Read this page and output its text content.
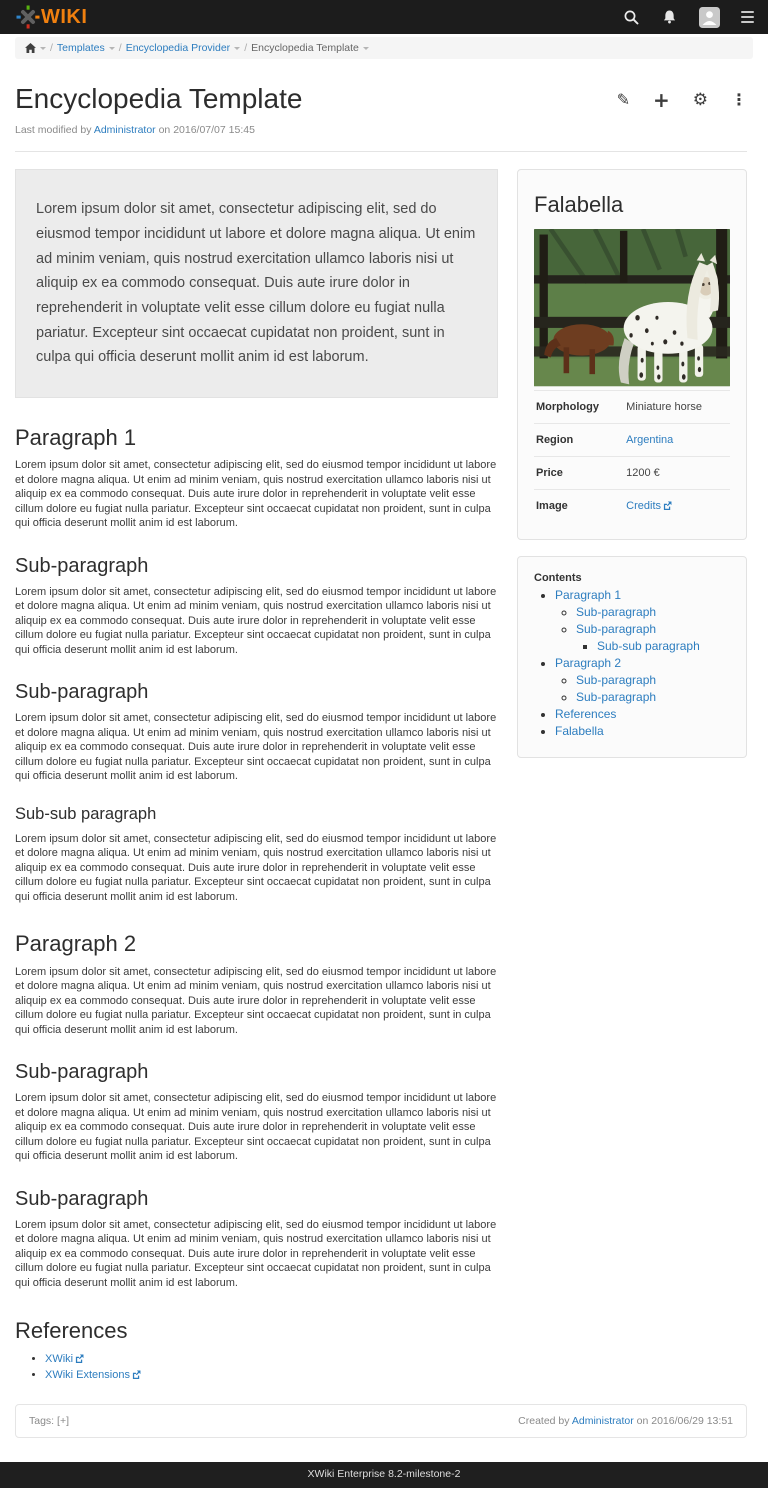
WIKI
/ Templates / Encyclopedia Provider / Encyclopedia Template
Encyclopedia Template	✎ + ⚙ ⋮

Last modified by Administrator on 2016/07/07 15:45

Lorem ipsum dolor sit amet, consectetur adipiscing elit, sed do eiusmod tempor incididunt ut labore et dolore magna aliqua. Ut enim ad minim veniam, quis nostrud exercitation ullamco laboris nisi ut aliquip ex ea commodo consequat. Duis aute irure dolor in reprehenderit in voluptate velit esse cillum dolore eu fugiat nulla pariatur. Excepteur sint occaecat cupidatat non proident, sunt in culpa qui officia deserunt mollit anim id est laborum.

Paragraph 1

Lorem ipsum dolor sit amet, consectetur adipiscing elit, sed do eiusmod tempor incididunt ut labore et dolore magna aliqua. Ut enim ad minim veniam, quis nostrud exercitation ullamco laboris nisi ut aliquip ex ea commodo consequat. Duis aute irure dolor in reprehenderit in voluptate velit esse cillum dolore eu fugiat nulla pariatur. Excepteur sint occaecat cupidatat non proident, sunt in culpa qui officia deserunt mollit anim id est laborum.

Sub-paragraph

Lorem ipsum dolor sit amet, consectetur adipiscing elit, sed do eiusmod tempor incididunt ut labore et dolore magna aliqua. Ut enim ad minim veniam, quis nostrud exercitation ullamco laboris nisi ut aliquip ex ea commodo consequat. Duis aute irure dolor in reprehenderit in voluptate velit esse cillum dolore eu fugiat nulla pariatur. Excepteur sint occaecat cupidatat non proident, sunt in culpa qui officia deserunt mollit anim id est laborum.

Sub-paragraph

Lorem ipsum dolor sit amet, consectetur adipiscing elit, sed do eiusmod tempor incididunt ut labore et dolore magna aliqua. Ut enim ad minim veniam, quis nostrud exercitation ullamco laboris nisi ut aliquip ex ea commodo consequat. Duis aute irure dolor in reprehenderit in voluptate velit esse cillum dolore eu fugiat nulla pariatur. Excepteur sint occaecat cupidatat non proident, sunt in culpa qui officia deserunt mollit anim id est laborum.

Sub-sub paragraph

Lorem ipsum dolor sit amet, consectetur adipiscing elit, sed do eiusmod tempor incididunt ut labore et dolore magna aliqua. Ut enim ad minim veniam, quis nostrud exercitation ullamco laboris nisi ut aliquip ex ea commodo consequat. Duis aute irure dolor in reprehenderit in voluptate velit esse cillum dolore eu fugiat nulla pariatur. Excepteur sint occaecat cupidatat non proident, sunt in culpa qui officia deserunt mollit anim id est laborum.

Paragraph 2

Lorem ipsum dolor sit amet, consectetur adipiscing elit, sed do eiusmod tempor incididunt ut labore et dolore magna aliqua. Ut enim ad minim veniam, quis nostrud exercitation ullamco laboris nisi ut aliquip ex ea commodo consequat. Duis aute irure dolor in reprehenderit in voluptate velit esse cillum dolore eu fugiat nulla pariatur. Excepteur sint occaecat cupidatat non proident, sunt in culpa qui officia deserunt mollit anim id est laborum.

Sub-paragraph

Lorem ipsum dolor sit amet, consectetur adipiscing elit, sed do eiusmod tempor incididunt ut labore et dolore magna aliqua. Ut enim ad minim veniam, quis nostrud exercitation ullamco laboris nisi ut aliquip ex ea commodo consequat. Duis aute irure dolor in reprehenderit in voluptate velit esse cillum dolore eu fugiat nulla pariatur. Excepteur sint occaecat cupidatat non proident, sunt in culpa qui officia deserunt mollit anim id est laborum.

Sub-paragraph

Lorem ipsum dolor sit amet, consectetur adipiscing elit, sed do eiusmod tempor incididunt ut labore et dolore magna aliqua. Ut enim ad minim veniam, quis nostrud exercitation ullamco laboris nisi ut aliquip ex ea commodo consequat. Duis aute irure dolor in reprehenderit in voluptate velit esse cillum dolore eu fugiat nulla pariatur. Excepteur sint occaecat cupidatat non proident, sunt in culpa qui officia deserunt mollit anim id est laborum.

References
• XWiki
• XWiki Extensions
Falabella
Morphology	Miniature horse
Region	Argentina
Price	1200 €
Image	Credits
Contents
• Paragraph 1
◦ Sub-paragraph
◦ Sub-paragraph
▪ Sub-sub paragraph
• Paragraph 2
◦ Sub-paragraph
◦ Sub-paragraph
• References
• Falabella
Tags: [+]	Created by Administrator on 2016/06/29 13:51
XWiki Enterprise 8.2-milestone-2
